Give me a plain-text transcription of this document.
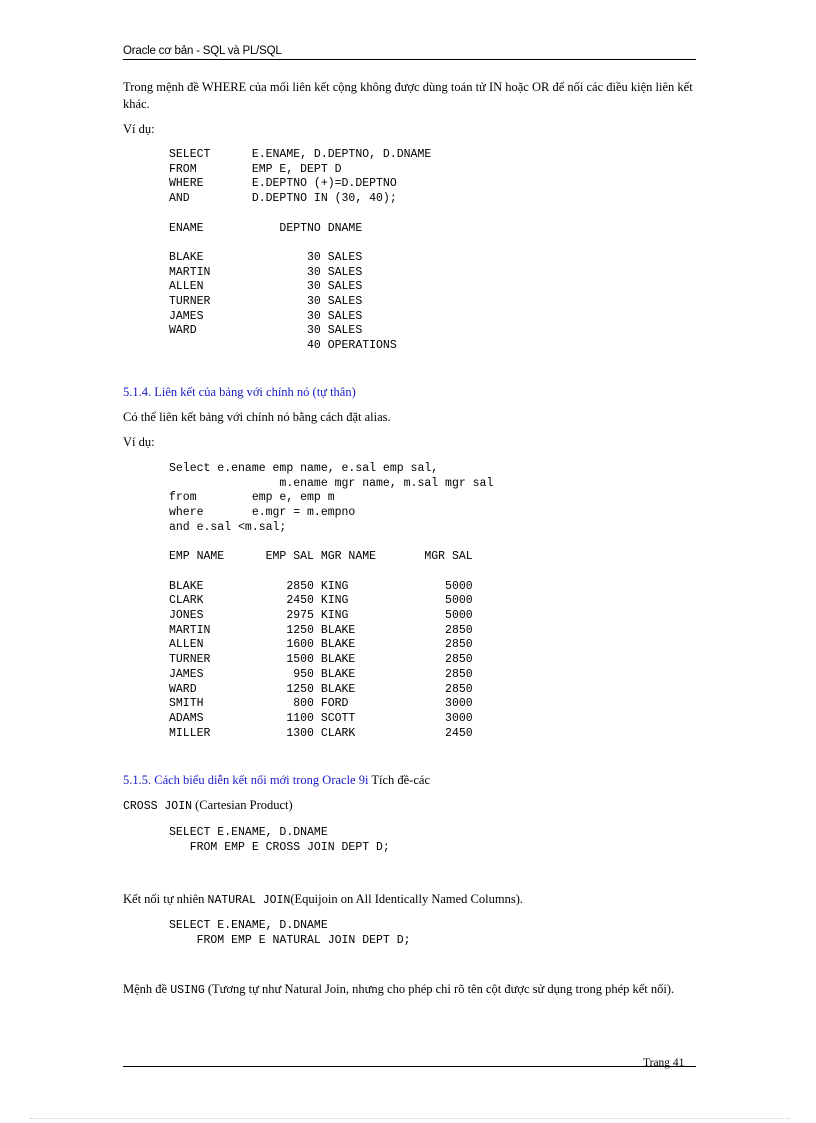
Oracle cơ bản - SQL và PL/SQL
Trong mệnh đề WHERE của mối liên kết cộng không được dùng toán tử IN hoặc OR để nối các điều kiện liên kết khác.
Ví dụ:
SELECT      E.ENAME, D.DEPTNO, D.DNAME
FROM        EMP E, DEPT D
WHERE       E.DEPTNO (+)=D.DEPTNO
AND         D.DEPTNO IN (30, 40);

ENAME           DEPTNO DNAME

BLAKE               30 SALES
MARTIN              30 SALES
ALLEN               30 SALES
TURNER              30 SALES
JAMES               30 SALES
WARD                30 SALES
40 OPERATIONS
5.1.4. Liên kết của bảng với chính nó (tự thân)
Có thể liên kết bảng với chính nó bằng cách đặt alias.
Ví dụ:
Select e.ename emp name, e.sal emp sal,
m.ename mgr name, m.sal mgr sal
from        emp e, emp m
where       e.mgr = m.empno
and e.sal <m.sal;

EMP NAME      EMP SAL MGR NAME       MGR SAL

BLAKE            2850 KING              5000
CLARK            2450 KING              5000
JONES            2975 KING              5000
MARTIN           1250 BLAKE             2850
ALLEN            1600 BLAKE             2850
TURNER           1500 BLAKE             2850
JAMES             950 BLAKE             2850
WARD             1250 BLAKE             2850
SMITH             800 FORD              3000
ADAMS            1100 SCOTT             3000
MILLER           1300 CLARK             2450
5.1.5. Cách biểu diễn kết nối mới trong Oracle 9i Tích đề-các
CROSS JOIN (Cartesian Product)
SELECT E.ENAME, D.DNAME
FROM EMP E CROSS JOIN DEPT D;
Kết nối tự nhiên NATURAL JOIN(Equijoin on All Identically Named Columns).
SELECT E.ENAME, D.DNAME
FROM EMP E NATURAL JOIN DEPT D;
Mệnh đề USING (Tương tự như Natural Join, nhưng cho phép chỉ rõ tên cột được sử dụng trong phép kết nối).
Trang 41
